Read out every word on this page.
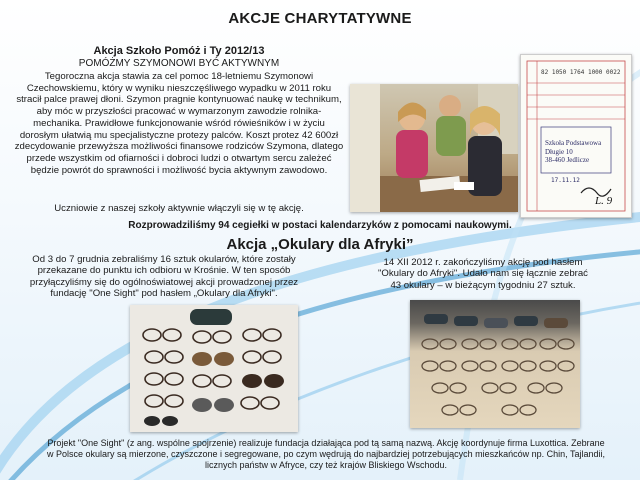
AKCJE CHARYTATYWNE
Akcja Szkoło Pomóż i Ty 2012/13
POMÓŻMY SZYMONOWI BYĆ AKTYWNYM
Tegoroczna akcja stawia za cel pomoc 18-letniemu Szymonowi Czechowskiemu, który w wyniku nieszczęśliwego wypadku w 2011 roku stracił palce prawej dłoni. Szymon pragnie kontynuować naukę w technikum, aby móc w przyszłości pracować w wymarzonym zawodzie rolnika-mechanika. Prawidłowe funkcjonowanie wśród rówieśników i w życiu dorosłym ułatwią mu specjalistyczne protezy palców. Koszt protez 42 600zł zdecydowanie przewyższa możliwości finansowe rodziców Szymona, dlatego przede wszystkim od ofiarności i dobroci ludzi o otwartym sercu zależeć będzie powrót do sprawności i możliwość bycia aktywnym zawodowo.
Uczniowie z naszej szkoły aktywnie włączyli się w tę akcję.
82 1050 1764 1000 0022
Szkoła Podstawowa
Długie 10
38-460 Jedlicze
17.11.12
L. 9
Rozprowadziliśmy 94 cegiełki w postaci kalendarzyków z pomocami naukowymi.
Akcja „Okulary dla Afryki”
Od 3 do 7 grudnia zebraliśmy 16 sztuk okularów, które zostały przekazane do punktu ich odbioru w Krośnie. W ten sposób przyłączyliśmy się do ogólnoświatowej akcji prowadzonej przez fundację "One Sight" pod hasłem „Okulary dla Afryki".
14 XII 2012 r. zakończyliśmy akcję pod hasłem "Okulary do Afryki". Udało nam się łącznie zebrać 43 okulary – w bieżącym tygodniu 27 sztuk.
Projekt "One Sight" (z ang. wspólne spojrzenie) realizuje fundacja działająca pod tą samą nazwą. Akcję koordynuje firma Luxottica. Zebrane w Polsce okulary są mierzone, czyszczone i segregowane, po czym wędrują do najbardziej potrzebujących mieszkańców np. Chin, Tajlandii, licznych państw w Afryce, czy też krajów Bliskiego Wschodu.
